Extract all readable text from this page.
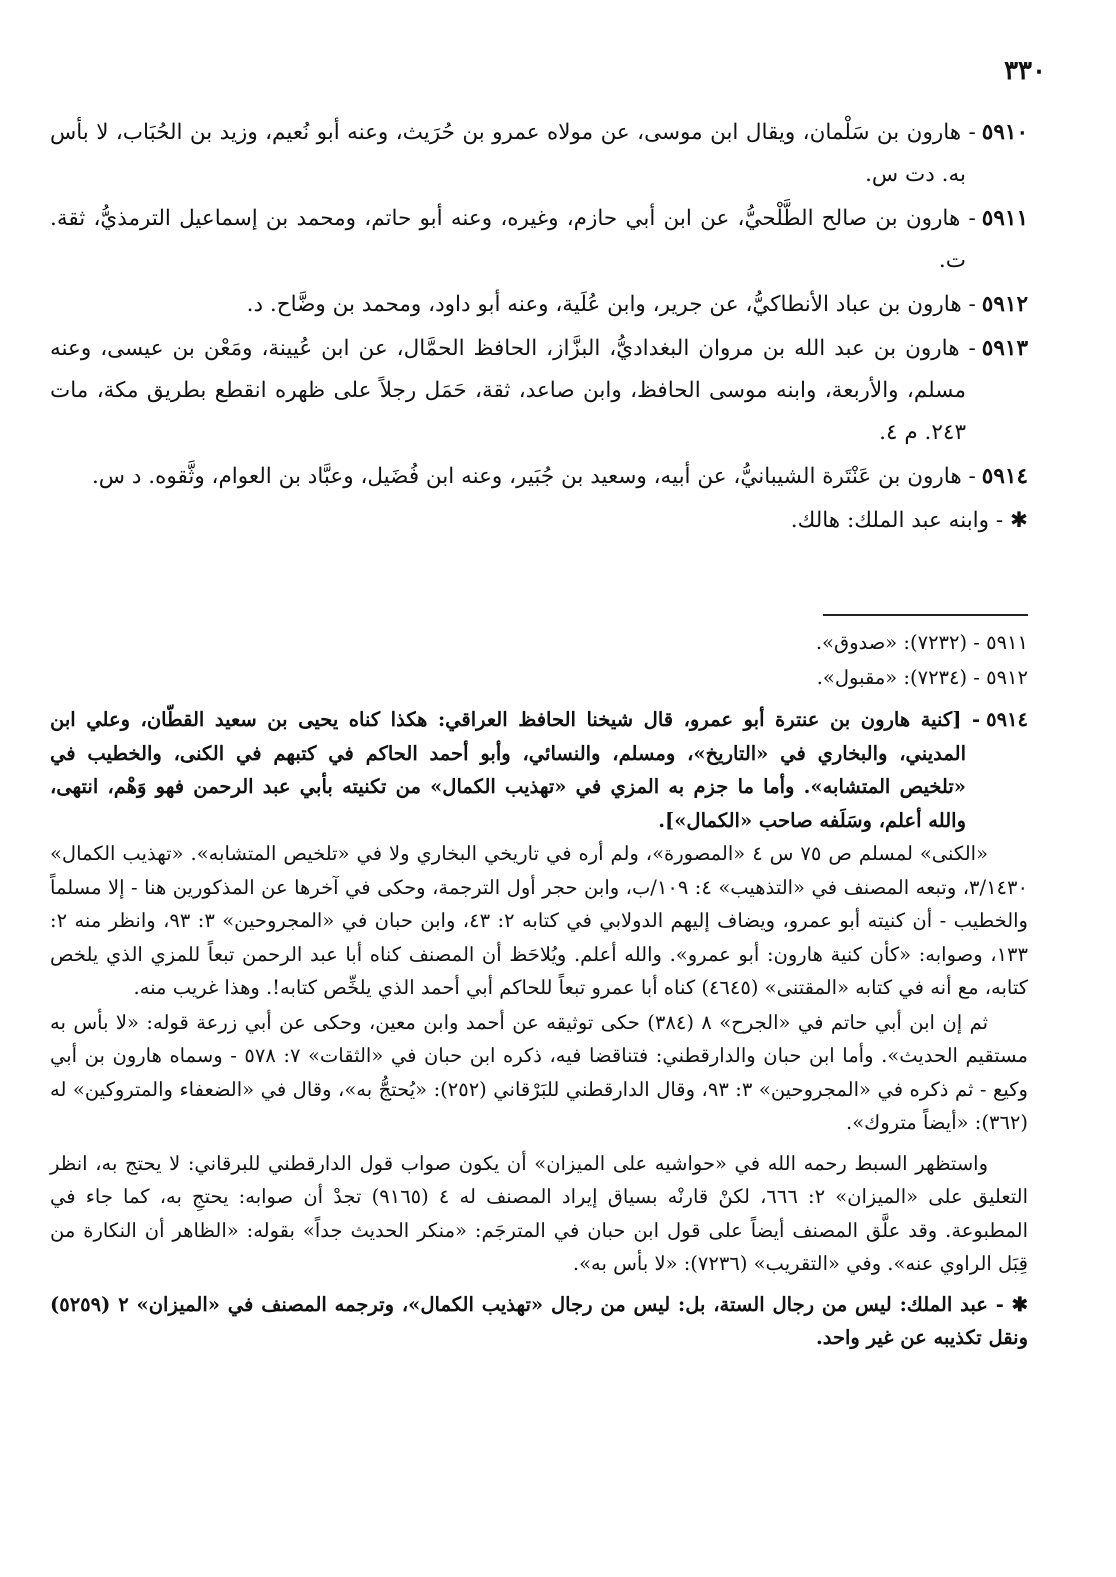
٣٣٠

٥٩١٠- هارون بن سَلْمان، ويقال ابن موسى، عن مولاه عمرو بن حُرَيث، وعنه أبو نُعيم، وزيد بن الحُبَاب، لا بأس به. دت س.

٥٩١١- هارون بن صالح الطَّلْحيُّ، عن ابن أبي حازم، وغيره، وعنه أبو حاتم، ومحمد بن إسماعيل الترمذيُّ، ثقة. ت.

٥٩١٢- هارون بن عباد الأنطاكيُّ، عن جرير، وابن عُلَية، وعنه أبو داود، ومحمد بن وضَّاح. د.

٥٩١٣- هارون بن عبد الله بن مروان البغداديُّ، البزَّاز، الحافظ الحمَّال، عن ابن عُيينة، ومَعْن بن عيسى، وعنه مسلم، والأربعة، وابنه موسى الحافظ، وابن صاعد، ثقة، حَمَل رجلاً على ظهره انقطع بطريق مكة، مات ٢٤٣. م ٤.

٥٩١٤- هارون بن عَنْتَرة الشيبانيُّ، عن أبيه، وسعيد بن جُبَير، وعنه ابن فُضَيل، وعبَّاد بن العوام، وثَّقوه. د س.

✱ - وابنه عبد الملك: هالك.

٥٩١١ - (٧٢٣٢): «صدوق».

٥٩١٢ - (٧٢٣٤): «مقبول».

٥٩١٤- [كنية هارون بن عنترة أبو عمرو، قال شيخنا الحافظ العراقي: هكذا كناه يحيى بن سعيد القطّان، وعلي ابن المديني، والبخاري في «التاريخ»، ومسلم، والنسائي، وأبو أحمد الحاكم في كتبهم في الكنى، والخطيب في «تلخيص المتشابه». وأما ما جزم به المزي في «تهذيب الكمال» من تكنيته بأبي عبد الرحمن فهو وَهْم، انتهى، والله أعلم، وسَلَفه صاحب «الكمال»].

«الكنى» لمسلم ص ٧٥ س ٤ «المصورة»، ولم أره في تاريخي البخاري ولا في «تلخيص المتشابه». «تهذيب الكمال» ٣/١٤٣٠، وتبعه المصنف في «التذهيب» ٤: ١٠٩/ب، وابن حجر أول الترجمة، وحكى في آخرها عن المذكورين هنا - إلا مسلماً والخطيب - أن كنيته أبو عمرو، ويضاف إليهم الدولابي في كتابه ٢: ٤٣، وابن حبان في «المجروحين» ٣: ٩٣، وانظر منه ٢: ١٣٣، وصوابه: «كأن كنية هارون: أبو عمرو». والله أعلم. ويُلاحَظ أن المصنف كناه أبا عبد الرحمن تبعاً للمزي الذي يلخص كتابه، مع أنه في كتابه «المقتنى» (٤٦٤٥) كناه أبا عمرو تبعاً للحاكم أبي أحمد الذي يلخِّص كتابه!. وهذا غريب منه.

ثم إن ابن أبي حاتم في «الجرح» ٨ (٣٨٤) حكى توثيقه عن أحمد وابن معين، وحكى عن أبي زرعة قوله: «لا بأس به مستقيم الحديث». وأما ابن حبان والدارقطني: فتناقضا فيه، ذكره ابن حبان في «الثقات» ٧: ٥٧٨ - وسماه هارون بن أبي وكيع - ثم ذكره في «المجروحين» ٣: ٩٣، وقال الدارقطني للبَرْقاني (٢٥٢): «يُحتجُّ به»، وقال في «الضعفاء والمتروكين» له (٣٦٢): «أيضاً متروك».

واستظهر السبط رحمه الله في «حواشيه على الميزان» أن يكون صواب قول الدارقطني للبرقاني: لا يحتج به، انظر التعليق على «الميزان» ٢: ٦٦٦، لكنْ قارنْه بسياق إيراد المصنف له ٤ (٩١٦٥) تجدْ أن صوابه: يحتجِ به، كما جاء في المطبوعة. وقد علَّق المصنف أيضاً على قول ابن حبان في المترجَم: «منكر الحديث جداً» بقوله: «الظاهر أن النكارة من قِبَل الراوي عنه». وفي «التقريب» (٧٢٣٦): «لا بأس به».

✱ - عبد الملك: ليس من رجال الستة، بل: ليس من رجال «تهذيب الكمال»، وترجمه المصنف في «الميزان» ٢ (٥٢٥٩) ونقل تكذيبه عن غير واحد.
